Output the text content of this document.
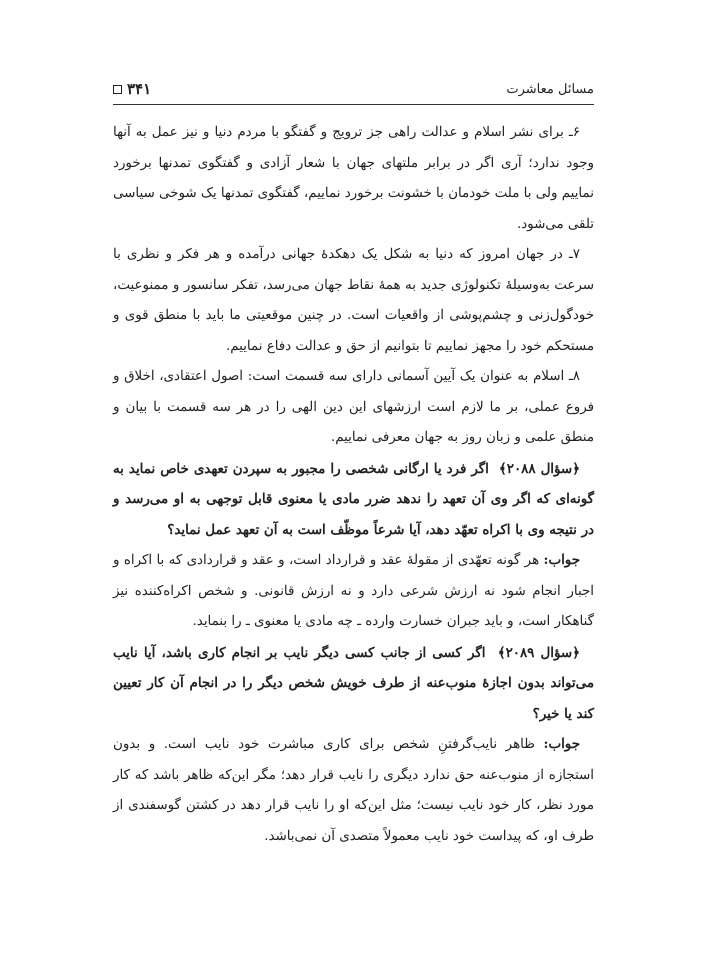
مسائل معاشرت
۳۴۱

۶ـ برای نشر اسلام و عدالت راهی جز ترویج و گفتگو با مردم دنیا و نیز عمل به آنها وجود ندارد؛ آری اگر در برابر ملتهای جهان با شعار آزادی و گفتگوی تمدنها برخورد نماییم ولی با ملت خودمان با خشونت برخورد نماییم، گفتگوی تمدنها یک شوخی سیاسی تلقی می‌شود.

۷ـ در جهان امروز که دنیا به شکل یک دهکدهٔ جهانی درآمده و هر فکر و نظری با سرعت به‌وسیلهٔ تکنولوژی جدید به همهٔ نقاط جهان می‌رسد، تفکر سانسور و ممنوعیت، خودگول‌زنی و چشم‌پوشی از واقعیات است. در چنین موقعیتی ما باید با منطق قوی و مستحکم خود را مجهز نماییم تا بتوانیم از حق و عدالت دفاع نماییم.

۸ـ اسلام به عنوان یک آیین آسمانی دارای سه قسمت است: اصول اعتقادی، اخلاق و فروع عملی، بر ما لازم است ارزشهای این دین الهی را در هر سه قسمت با بیان و منطق علمی و زبان روز به جهان معرفی نماییم.

﴿سؤال ۲۰۸۸﴾  اگر فرد یا ارگانی شخصی را مجبور به سپردن تعهدی خاص نماید به گونه‌ای که اگر وی آن تعهد را ندهد ضرر مادی یا معنوی قابل توجهی به او می‌رسد و در نتیجه وی با اکراه تعهّد دهد، آیا شرعاً موظّف است به آن تعهد عمل نماید؟

جواب: هر گونه تعهّدی از مقولهٔ عقد و قرارداد است، و عقد و قراردادی که با اکراه و اجبار انجام شود نه ارزش شرعی دارد و نه ارزش قانونی. و شخص اکراه‌کننده نیز گناهکار است، و باید جبران خسارت وارده ـ چه مادی یا معنوی ـ را بنماید.

﴿سؤال ۲۰۸۹﴾  اگر کسی از جانب کسی دیگر نایب بر انجام کاری باشد، آیا نایب می‌تواند بدون اجازهٔ منوب‌عنه از طرف خویش شخص دیگر را در انجام آن کار تعیین کند یا خیر؟

جواب: ظاهر نایب‌گرفتنِ شخص برای کاری مباشرت خود نایب است. و بدون استجازه از منوب‌عنه حق ندارد دیگری را نایب قرار دهد؛ مگر این‌که ظاهر باشد که کار مورد نظر، کار خود نایب نیست؛ مثل این‌که او را نایب قرار دهد در کشتن گوسفندی از طرف او، که پیداست خود نایب معمولاً متصدی آن نمی‌باشد.
